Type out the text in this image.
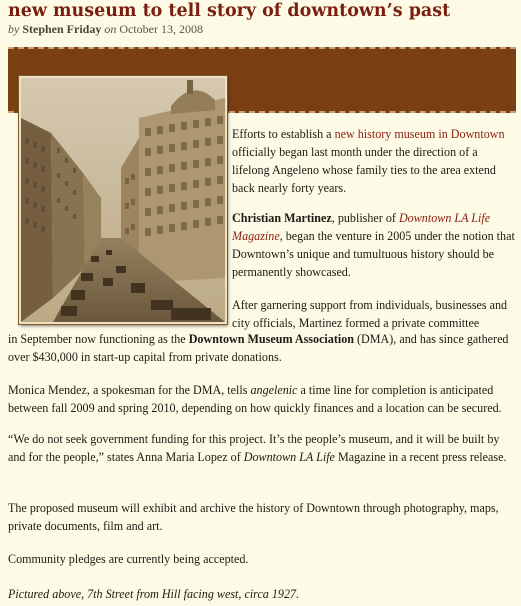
new museum to tell story of downtown’s past
by Stephen Friday on October 13, 2008
Efforts to establish a new history museum in Downtown officially began last month under the direction of a lifelong Angeleno whose family ties to the area extend back nearly forty years.
Christian Martinez, publisher of Downtown LA Life Magazine, began the venture in 2005 under the notion that Downtown’s unique and tumultuous history should be permanently showcased.
After garnering support from individuals, businesses and city officials, Martinez formed a private committee
in September now functioning as the Downtown Museum Association (DMA), and has since gathered over $430,000 in start-up capital from private donations.
Monica Mendez, a spokesman for the DMA, tells angelenic a time line for completion is anticipated between fall 2009 and spring 2010, depending on how quickly finances and a location can be secured.
“We do not seek government funding for this project. It’s the people’s museum, and it will be built by and for the people,” states Anna Maria Lopez of Downtown LA Life Magazine in a recent press release.
The proposed museum will exhibit and archive the history of Downtown through photography, maps, private documents, film and art.
Community pledges are currently being accepted.
Pictured above, 7th Street from Hill facing west, circa 1927.
